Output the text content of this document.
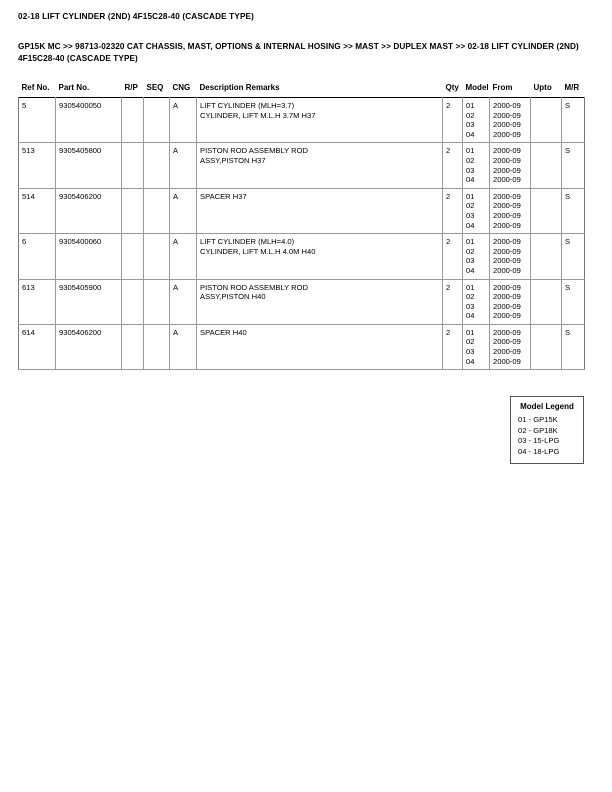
02-18 LIFT CYLINDER (2ND) 4F15C28-40 (CASCADE TYPE)
GP15K MC >> 98713-02320 CAT CHASSIS, MAST, OPTIONS & INTERNAL HOSING >> MAST >> DUPLEX MAST >> 02-18 LIFT CYLINDER (2ND) 4F15C28-40 (CASCADE TYPE)
Ref No.	Part No.	R/P	SEQ	CNG	Description Remarks	Qty	Model	From	Upto	M/R
5	9305400050			A	LIFT CYLINDER (MLH=3.7)
CYLINDER, LIFT M.L.H 3.7M H37	2	01
02
03
04	2000-09
2000-09
2000-09
2000-09		S
513	9305405800			A	PISTON ROD ASSEMBLY ROD
ASSY,PISTON H37	2	01
02
03
04	2000-09
2000-09
2000-09
2000-09		S
514	9305406200			A	SPACER H37	2	01
02
03
04	2000-09
2000-09
2000-09
2000-09		S
6	9305400060			A	LIFT CYLINDER (MLH=4.0)
CYLINDER, LIFT M.L.H 4.0M H40	2	01
02
03
04	2000-09
2000-09
2000-09
2000-09		S
613	9305405900			A	PISTON ROD ASSEMBLY ROD
ASSY,PISTON H40	2	01
02
03
04	2000-09
2000-09
2000-09
2000-09		S
614	9305406200			A	SPACER H40	2	01
02
03
04	2000-09
2000-09
2000-09
2000-09		S
Model Legend
01 - GP15K
02 - GP18K
03 - 15-LPG
04 - 18-LPG
